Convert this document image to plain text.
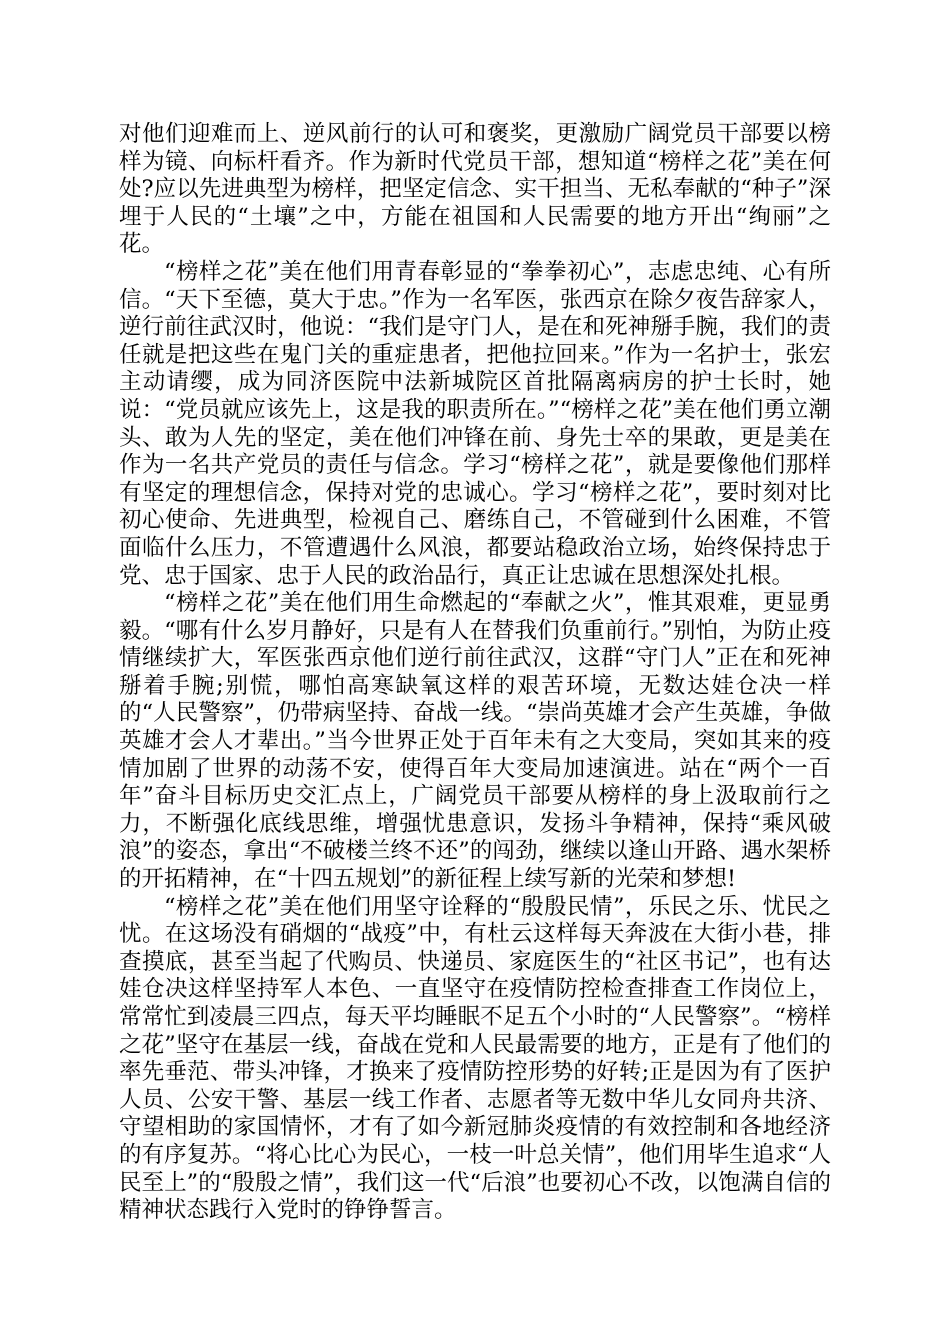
对他们迎难而上、逆风前行的认可和褒奖，更激励广阔党员干部要以榜样为镜、向标杆看齐。作为新时代党员干部，想知道“榜样之花”美在何处?应以先进典型为榜样，把坚定信念、实干担当、无私奉献的“种子”深埋于人民的“土壤”之中，方能在祖国和人民需要的地方开出“绚丽”之花。

“榜样之花”美在他们用青春彰显的“拳拳初心”，志虑忠纯、心有所信。“天下至德，莫大于忠。”作为一名军医，张西京在除夕夜告辞家人，逆行前往武汉时，他说：“我们是守门人，是在和死神掰手腕，我们的责任就是把这些在鬼门关的重症患者，把他拉回来。”作为一名护士，张宏主动请缨，成为同济医院中法新城院区首批隔离病房的护士长时，她说：“党员就应该先上，这是我的职责所在。”“榜样之花”美在他们勇立潮头、敢为人先的坚定，美在他们冲锋在前、身先士卒的果敢，更是美在作为一名共产党员的责任与信念。学习“榜样之花”，就是要像他们那样有坚定的理想信念，保持对党的忠诚心。学习“榜样之花”，要时刻对比初心使命、先进典型，检视自己、磨练自己，不管碰到什么困难，不管面临什么压力，不管遭遇什么风浪，都要站稳政治立场，始终保持忠于党、忠于国家、忠于人民的政治品行，真正让忠诚在思想深处扎根。

“榜样之花”美在他们用生命燃起的“奉献之火”，惟其艰难，更显勇毅。“哪有什么岁月静好，只是有人在替我们负重前行。”别怕，为防止疫情继续扩大，军医张西京他们逆行前往武汉，这群“守门人”正在和死神掰着手腕;别慌，哪怕高寒缺氧这样的艰苦环境，无数达娃仓决一样的“人民警察”，仍带病坚持、奋战一线。“崇尚英雄才会产生英雄，争做英雄才会人才辈出。”当今世界正处于百年未有之大变局，突如其来的疫情加剧了世界的动荡不安，使得百年大变局加速演进。站在“两个一百年”奋斗目标历史交汇点上，广阔党员干部要从榜样的身上汲取前行之力，不断强化底线思维，增强忧患意识，发扬斗争精神，保持“乘风破浪”的姿态，拿出“不破楼兰终不还”的闯劲，继续以逢山开路、遇水架桥的开拓精神，在“十四五规划”的新征程上续写新的光荣和梦想!

“榜样之花”美在他们用坚守诠释的“殷殷民情”，乐民之乐、忧民之忧。在这场没有硝烟的“战疫”中，有杜云这样每天奔波在大街小巷，排查摸底，甚至当起了代购员、快递员、家庭医生的“社区书记”，也有达娃仓决这样坚持军人本色、一直坚守在疫情防控检查排查工作岗位上，常常忙到凌晨三四点，每天平均睡眠不足五个小时的“人民警察”。“榜样之花”坚守在基层一线，奋战在党和人民最需要的地方，正是有了他们的率先垂范、带头冲锋，才换来了疫情防控形势的好转;正是因为有了医护人员、公安干警、基层一线工作者、志愿者等无数中华儿女同舟共济、守望相助的家国情怀，才有了如今新冠肺炎疫情的有效控制和各地经济的有序复苏。“将心比心为民心，一枝一叶总关情”，他们用毕生追求“人民至上”的“殷殷之情”，我们这一代“后浪”也要初心不改，以饱满自信的精神状态践行入党时的铮铮誓言。
